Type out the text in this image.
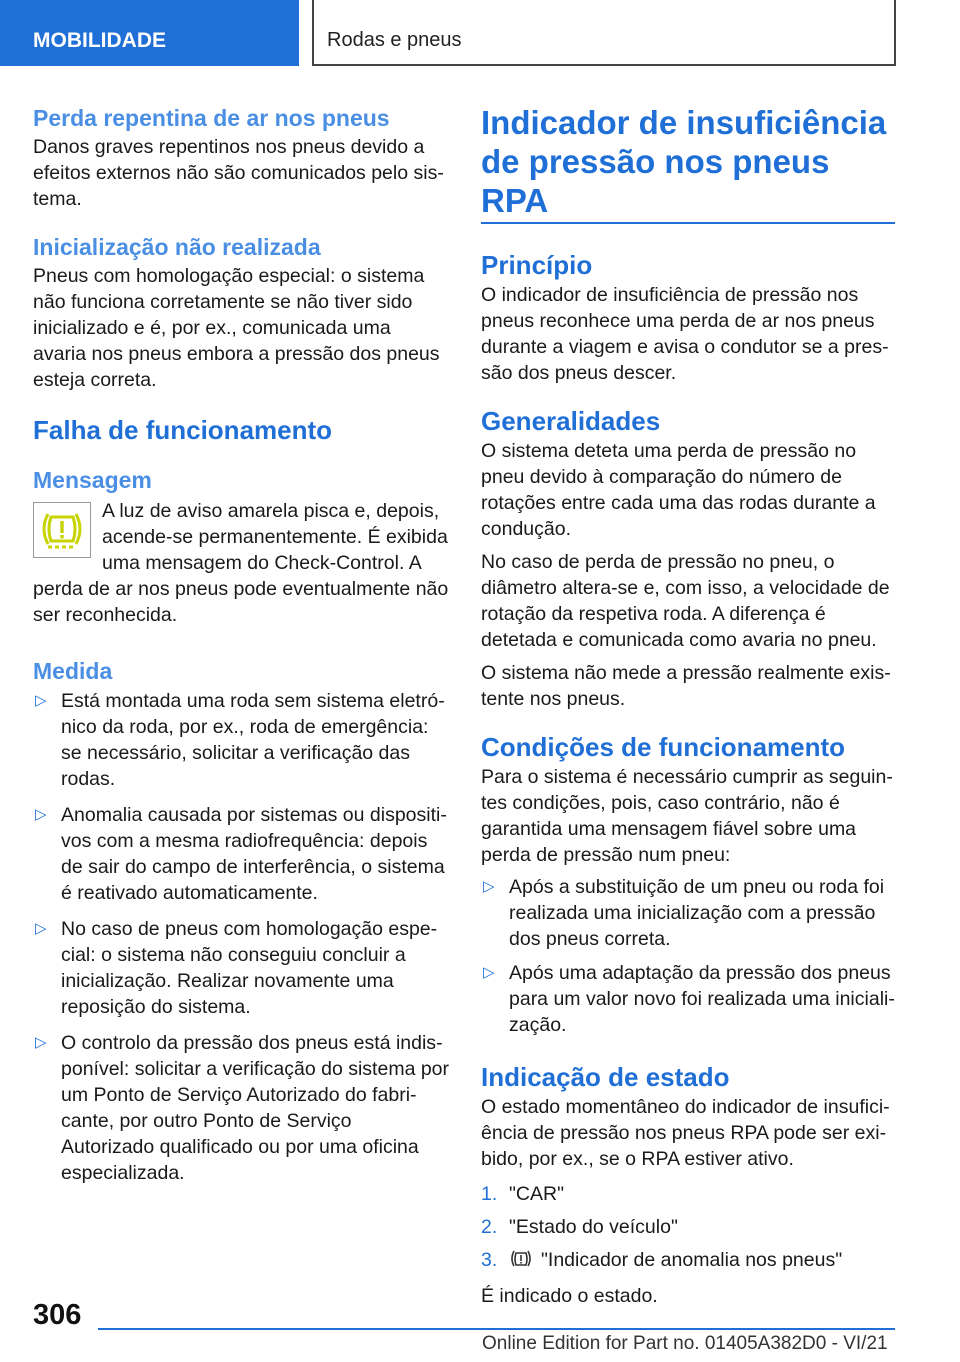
MOBILIDADE	Rodas e pneus
Perda repentina de ar nos pneus

Danos graves repentinos nos pneus devido a efeitos externos não são comunicados pelo sistema.

Inicialização não realizada

Pneus com homologação especial: o sistema não funciona corretamente se não tiver sido inicializado e é, por ex., comunicada uma avaria nos pneus embora a pressão dos pneus esteja correta.

Falha de funcionamento
Mensagem

A luz de aviso amarela pisca e, depois, acende-se permanentemente. É exibida uma mensagem do Check-Control. A perda de ar nos pneus pode eventualmente não ser reconhecida.

Medida
▷ Está montada uma roda sem sistema eletrónico da roda, por ex., roda de emergência: se necessário, solicitar a verificação das rodas.
▷ Anomalia causada por sistemas ou dispositivos com a mesma radiofrequência: depois de sair do campo de interferência, o sistema é reativado automaticamente.
▷ No caso de pneus com homologação especial: o sistema não conseguiu concluir a inicialização. Realizar novamente uma reposição do sistema.
▷ O controlo da pressão dos pneus está indisponível: solicitar a verificação do sistema por um Ponto de Serviço Autorizado do fabricante, por outro Ponto de Serviço Autorizado qualificado ou por uma oficina especializada.
Indicador de insuficiência de pressão nos pneus RPA
Princípio

O indicador de insuficiência de pressão nos pneus reconhece uma perda de ar nos pneus durante a viagem e avisa o condutor se a pressão dos pneus descer.

Generalidades

O sistema deteta uma perda de pressão no pneu devido à comparação do número de rotações entre cada uma das rodas durante a condução.

No caso de perda de pressão no pneu, o diâmetro altera-se e, com isso, a velocidade de rotação da respetiva roda. A diferença é detetada e comunicada como avaria no pneu.

O sistema não mede a pressão realmente existente nos pneus.

Condições de funcionamento

Para o sistema é necessário cumprir as seguintes condições, pois, caso contrário, não é garantida uma mensagem fiável sobre uma perda de pressão num pneu:

▷ Após a substituição de um pneu ou roda foi realizada uma inicialização com a pressão dos pneus correta.
▷ Após uma adaptação da pressão dos pneus para um valor novo foi realizada uma inicialização.
Indicação de estado

O estado momentâneo do indicador de insuficiência de pressão nos pneus RPA pode ser exibido, por ex., se o RPA estiver ativo.

1. "CAR"
2. "Estado do veículo"
3. "Indicador de anomalia nos pneus"

É indicado o estado.

306
Online Edition for Part no. 01405A382D0 - VI/21
